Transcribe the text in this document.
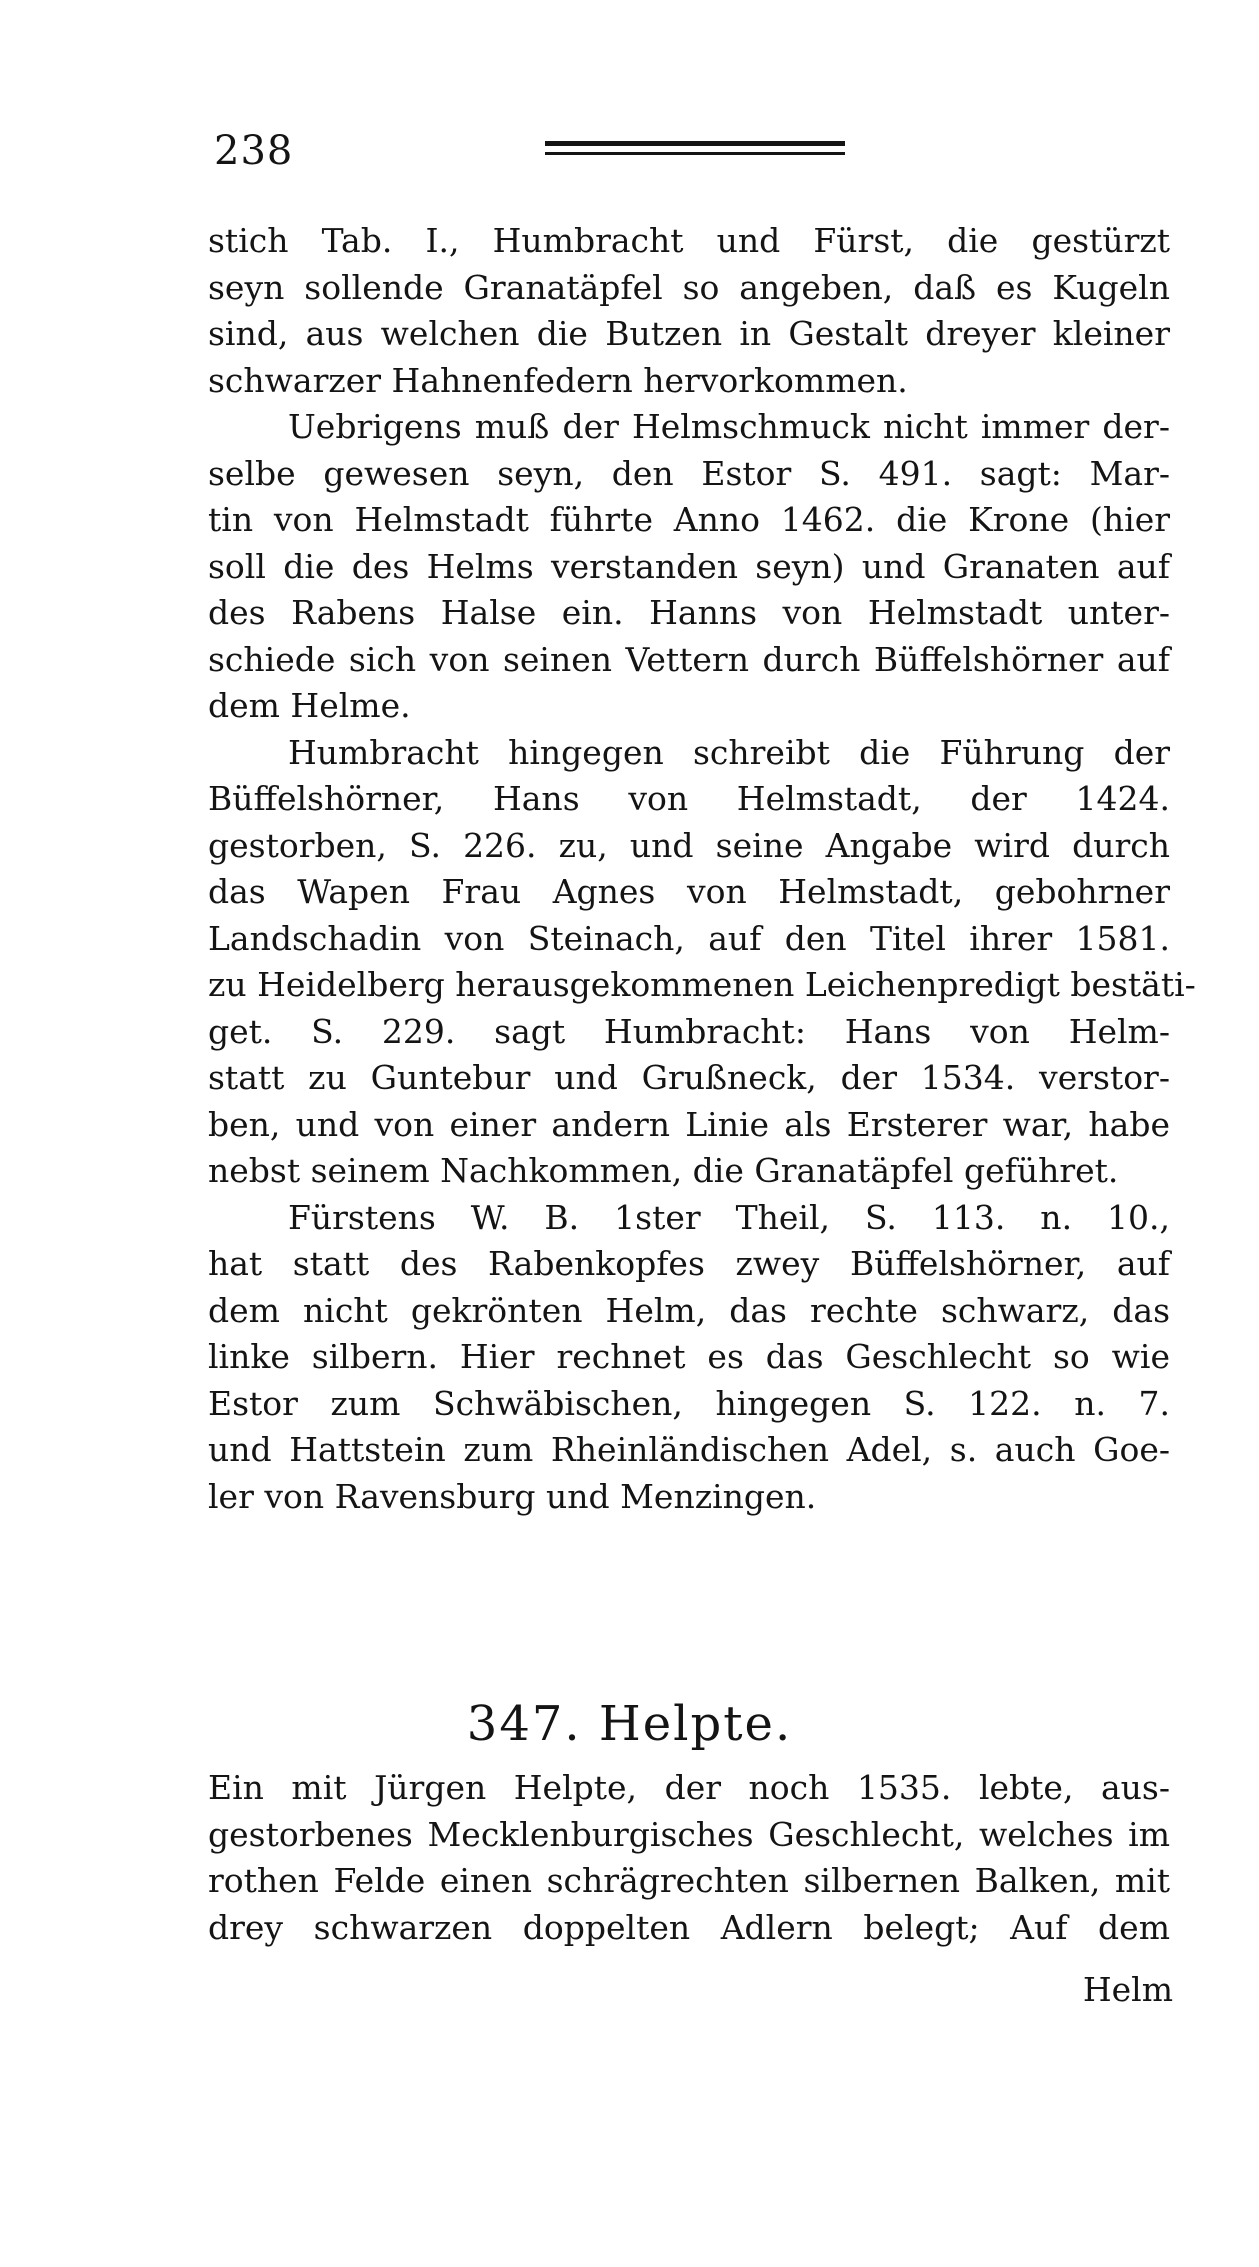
238
stich Tab. I., Humbracht und Fürst, die gestürzt
seyn sollende Granatäpfel so angeben, daß es Kugeln
sind, aus welchen die Butzen in Gestalt dreyer kleiner
schwarzer Hahnenfedern hervorkommen.
Uebrigens muß der Helmschmuck nicht immer der-
selbe gewesen seyn, den Estor S. 491. sagt: Mar-
tin von Helmstadt führte Anno 1462. die Krone (hier
soll die des Helms verstanden seyn) und Granaten auf
des Rabens Halse ein. Hanns von Helmstadt unter-
schiede sich von seinen Vettern durch Büffelshörner auf
dem Helme.
Humbracht hingegen schreibt die Führung der
Büffelshörner, Hans von Helmstadt, der 1424.
gestorben, S. 226. zu, und seine Angabe wird durch
das Wapen Frau Agnes von Helmstadt, gebohrner
Landschadin von Steinach, auf den Titel ihrer 1581.
zu Heidelberg herausgekommenen Leichenpredigt bestäti-
get. S. 229. sagt Humbracht: Hans von Helm-
statt zu Guntebur und Grußneck, der 1534. verstor-
ben, und von einer andern Linie als Ersterer war, habe
nebst seinem Nachkommen, die Granatäpfel geführet.
Fürstens W. B. 1ster Theil, S. 113. n. 10.,
hat statt des Rabenkopfes zwey Büffelshörner, auf
dem nicht gekrönten Helm, das rechte schwarz, das
linke silbern. Hier rechnet es das Geschlecht so wie
Estor zum Schwäbischen, hingegen S. 122. n. 7.
und Hattstein zum Rheinländischen Adel, s. auch Goe-
ler von Ravensburg und Menzingen.
347. Helpte.
Ein mit Jürgen Helpte, der noch 1535. lebte, aus-
gestorbenes Mecklenburgisches Geschlecht, welches im
rothen Felde einen schrägrechten silbernen Balken, mit
drey schwarzen doppelten Adlern belegt; Auf dem
Helm
